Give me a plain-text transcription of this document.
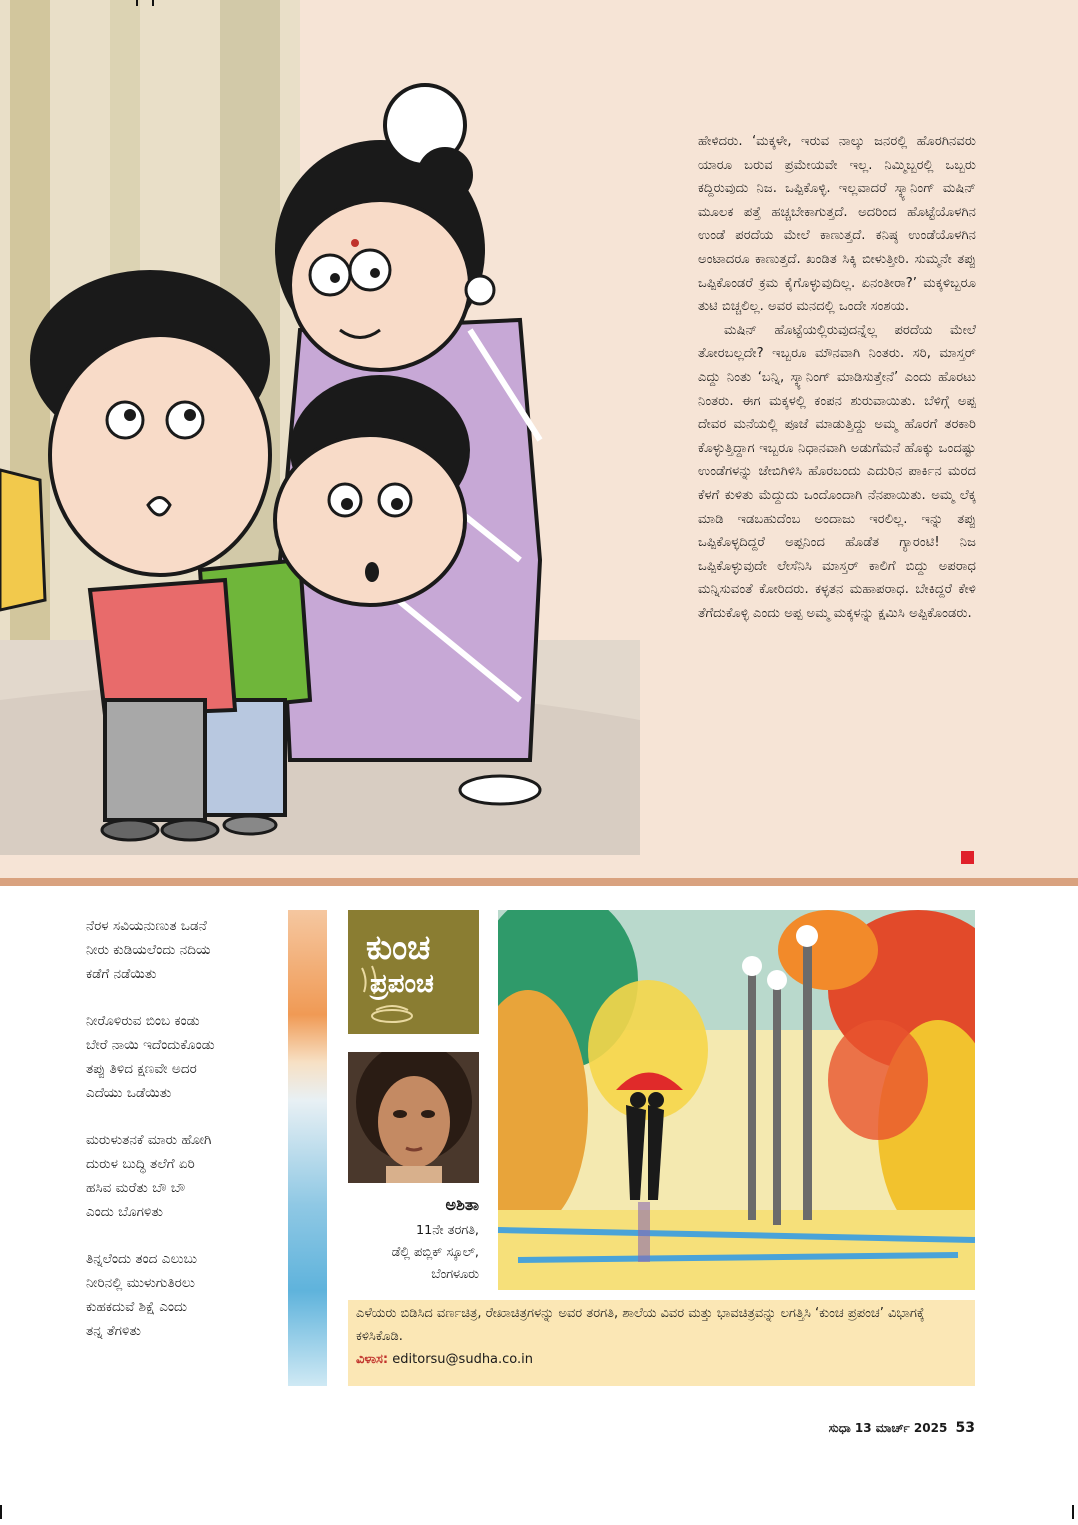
ಹೇಳಿದರು. ‘ಮಕ್ಕಳೇ, ಇರುವ ನಾಲ್ಕು ಜನರಲ್ಲಿ ಹೊರಗಿನವರು ಯಾರೂ ಬರುವ ಪ್ರಮೇಯವೇ ಇಲ್ಲ. ನಿಮ್ಮಿಬ್ಬರಲ್ಲಿ ಒಬ್ಬರು ಕದ್ದಿರುವುದು ನಿಜ. ಒಪ್ಪಿಕೊಳ್ಳಿ. ಇಲ್ಲವಾದರೆ ಸ್ಕ್ಯಾನಿಂಗ್ ಮಷಿನ್ ಮೂಲಕ ಪತ್ತೆ ಹಚ್ಚಬೇಕಾಗುತ್ತದೆ. ಅದರಿಂದ ಹೊಟ್ಟೆಯೊಳಗಿನ ಉಂಡೆ ಪರದೆಯ ಮೇಲೆ ಕಾಣುತ್ತದೆ. ಕನಿಷ್ಠ ಉಂಡೆಯೊಳಗಿನ ಅಂಟಾದರೂ ಕಾಣುತ್ತದೆ. ಖಂಡಿತ ಸಿಕ್ಕಿ ಬೀಳುತ್ತೀರಿ. ಸುಮ್ಮನೇ ತಪ್ಪು ಒಪ್ಪಿಕೊಂಡರೆ ಕ್ರಮ ಕೈಗೊಳ್ಳುವುದಿಲ್ಲ. ಏನಂತೀರಾ?’ ಮಕ್ಕಳಿಬ್ಬರೂ ತುಟಿ ಬಿಚ್ಚಲಿಲ್ಲ. ಅವರ ಮನದಲ್ಲಿ ಒಂದೇ ಸಂಶಯ.

ಮಷಿನ್ ಹೊಟ್ಟೆಯಲ್ಲಿರುವುದನ್ನೆಲ್ಲ ಪರದೆಯ ಮೇಲೆ ತೋರಬಲ್ಲದೇ? ಇಬ್ಬರೂ ಮೌನವಾಗಿ ನಿಂತರು. ಸರಿ, ಮಾಸ್ತರ್ ಎದ್ದು ನಿಂತು ‘ಬನ್ನಿ, ಸ್ಕ್ಯಾನಿಂಗ್ ಮಾಡಿಸುತ್ತೇನೆ’ ಎಂದು ಹೊರಟು ನಿಂತರು. ಈಗ ಮಕ್ಕಳಲ್ಲಿ ಕಂಪನ ಶುರುವಾಯಿತು. ಬೆಳಿಗ್ಗೆ ಅಪ್ಪ ದೇವರ ಮನೆಯಲ್ಲಿ ಪೂಜೆ ಮಾಡುತ್ತಿದ್ದು ಅಮ್ಮ ಹೊರಗೆ ತರಕಾರಿ ಕೊಳ್ಳುತ್ತಿದ್ದಾಗ ಇಬ್ಬರೂ ನಿಧಾನವಾಗಿ ಅಡುಗೆಮನೆ ಹೊಕ್ಕು ಒಂದಷ್ಟು ಉಂಡೆಗಳನ್ನು ಜೇಬಿಗಿಳಿಸಿ ಹೊರಬಂದು ಎದುರಿನ ಪಾರ್ಕಿನ ಮರದ ಕೆಳಗೆ ಕುಳಿತು ಮೆದ್ದುದು ಒಂದೊಂದಾಗಿ ನೆನಪಾಯಿತು. ಅಮ್ಮ ಲೆಕ್ಕ ಮಾಡಿ ಇಡಬಹುದೆಂಬ ಅಂದಾಜು ಇರಲಿಲ್ಲ. ಇನ್ನು ತಪ್ಪು ಒಪ್ಪಿಕೊಳ್ಳದಿದ್ದರೆ ಅಪ್ಪನಿಂದ ಹೊಡೆತ ಗ್ಯಾರಂಟಿ! ನಿಜ ಒಪ್ಪಿಕೊಳ್ಳುವುದೇ ಲೇಸೆನಿಸಿ ಮಾಸ್ತರ್ ಕಾಲಿಗೆ ಬಿದ್ದು ಅಪರಾಧ ಮನ್ನಿಸುವಂತೆ ಕೋರಿದರು. ಕಳ್ಳತನ ಮಹಾಪರಾಧ. ಬೇಕಿದ್ದರೆ ಕೇಳಿ ತೆಗೆದುಕೊಳ್ಳಿ ಎಂದು ಅಪ್ಪ ಅಮ್ಮ ಮಕ್ಕಳನ್ನು ಕ್ಷಮಿಸಿ ಅಪ್ಪಿಕೊಂಡರು.

ನೆರಳ ಸವಿಯನುಣುತ ಒಡನೆ
ನೀರು ಕುಡಿಯಲೆಂದು ನದಿಯ
ಕಡೆಗೆ ನಡೆಯಿತು
ನೀರೊಳಿರುವ ಬಿಂಬ ಕಂಡು
ಬೇರೆ ನಾಯಿ ಇದೆಂದುಕೊಂಡು
ತಪ್ಪು ತಿಳಿದ ಕ್ಷಣವೇ ಅದರ
ಎದೆಯು ಒಡೆಯಿತು
ಮರುಳುತನಕೆ ಮಾರು ಹೋಗಿ
ದುರುಳ ಬುದ್ಧಿ ತಲೆಗೆ ಏರಿ
ಹಸಿವ ಮರೆತು ಬೌ ಬೌ
ಎಂದು ಬೊಗಳಿತು
ತಿನ್ನಲೆಂದು ತಂದ ಎಲುಬು
ನೀರಿನಲ್ಲಿ ಮುಳುಗುತಿರಲು
ಕುಹಕದುವೆ ಶಿಕ್ಷೆ ಎಂದು
ತನ್ನ ತೆಗಳಿತು
ಕುಂಚ
ಪ್ರಪಂಚ
ಅಶಿತಾ
11ನೇ ತರಗತಿ,
ಡೆಲ್ಲಿ ಪಬ್ಲಿಕ್ ಸ್ಕೂಲ್,
ಬೆಂಗಳೂರು
ಎಳೆಯರು ಬಿಡಿಸಿದ ವರ್ಣಚಿತ್ರ, ರೇಖಾಚಿತ್ರಗಳನ್ನು ಅವರ ತರಗತಿ, ಶಾಲೆಯ ವಿವರ ಮತ್ತು ಭಾವಚಿತ್ರವನ್ನು ಲಗತ್ತಿಸಿ ‘ಕುಂಚ ಪ್ರಪಂಚ’ ವಿಭಾಗಕ್ಕೆ ಕಳಿಸಿಕೊಡಿ.
ವಿಳಾಸ: editorsu@sudha.co.in
ಸುಧಾ 13 ಮಾರ್ಚ್ 2025 53
